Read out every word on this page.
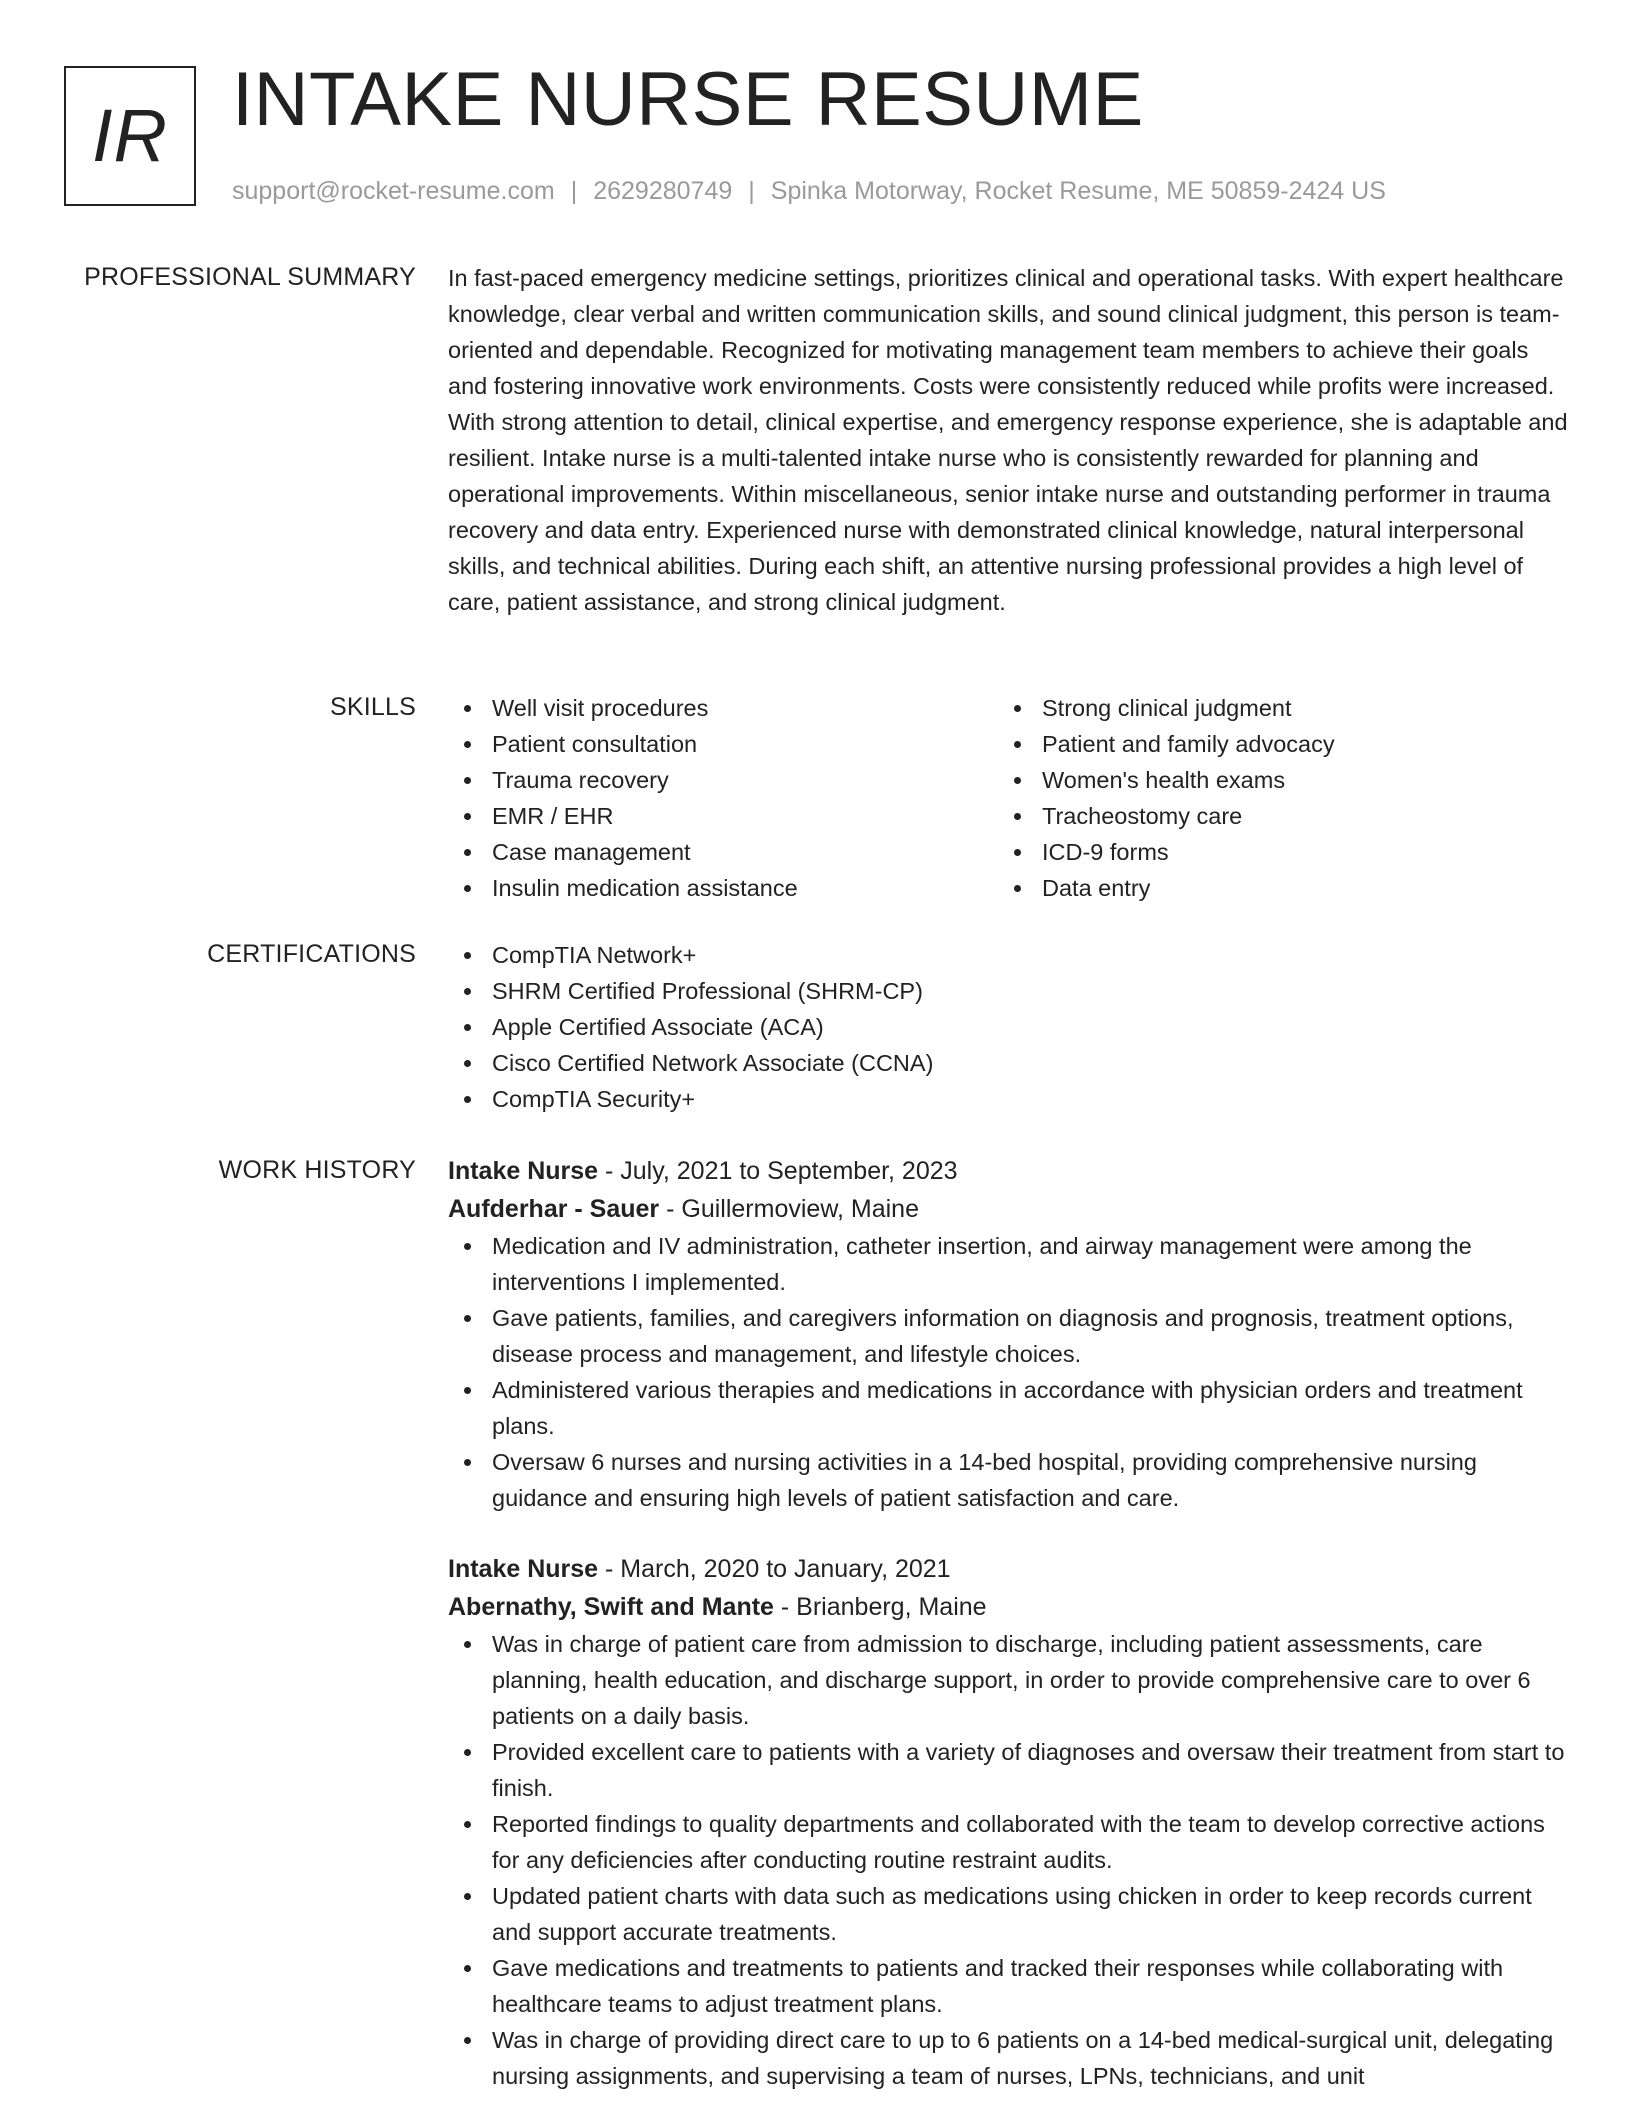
IR INTAKE NURSE RESUME
support@rocket-resume.com | 2629280749 | Spinka Motorway, Rocket Resume, ME 50859-2424 US
PROFESSIONAL SUMMARY In fast-paced emergency medicine settings, prioritizes clinical and operational tasks. With expert healthcare knowledge, clear verbal and written communication skills, and sound clinical judgment, this person is team-oriented and dependable. Recognized for motivating management team members to achieve their goals and fostering innovative work environments. Costs were consistently reduced while profits were increased. With strong attention to detail, clinical expertise, and emergency response experience, she is adaptable and resilient. Intake nurse is a multi-talented intake nurse who is consistently rewarded for planning and operational improvements. Within miscellaneous, senior intake nurse and outstanding performer in trauma recovery and data entry. Experienced nurse with demonstrated clinical knowledge, natural interpersonal skills, and technical abilities. During each shift, an attentive nursing professional provides a high level of care, patient assistance, and strong clinical judgment.

SKILLS	Well visit procedures
Patient consultation
Trauma recovery
EMR / EHR
Case management
Insulin medication assistance
Strong clinical judgment
Patient and family advocacy
Women's health exams
Tracheostomy care
ICD-9 forms
Data entry
CERTIFICATIONS	CompTIA Network+
SHRM Certified Professional (SHRM-CP)
Apple Certified Associate (ACA)
Cisco Certified Network Associate (CCNA)
CompTIA Security+
WORK HISTORY Intake Nurse - July, 2021 to September, 2023
Aufderhar - Sauer - Guillermoview, Maine
Medication and IV administration, catheter insertion, and airway management were among the interventions I implemented.
Gave patients, families, and caregivers information on diagnosis and prognosis, treatment options, disease process and management, and lifestyle choices.
Administered various therapies and medications in accordance with physician orders and treatment plans.
Oversaw 6 nurses and nursing activities in a 14-bed hospital, providing comprehensive nursing guidance and ensuring high levels of patient satisfaction and care.
Intake Nurse - March, 2020 to January, 2021
Abernathy, Swift and Mante - Brianberg, Maine
Was in charge of patient care from admission to discharge, including patient assessments, care planning, health education, and discharge support, in order to provide comprehensive care to over 6 patients on a daily basis.
Provided excellent care to patients with a variety of diagnoses and oversaw their treatment from start to finish.
Reported findings to quality departments and collaborated with the team to develop corrective actions for any deficiencies after conducting routine restraint audits.
Updated patient charts with data such as medications using chicken in order to keep records current and support accurate treatments.
Gave medications and treatments to patients and tracked their responses while collaborating with healthcare teams to adjust treatment plans.
Was in charge of providing direct care to up to 6 patients on a 14-bed medical-surgical unit, delegating nursing assignments, and supervising a team of nurses, LPNs, technicians, and unit
